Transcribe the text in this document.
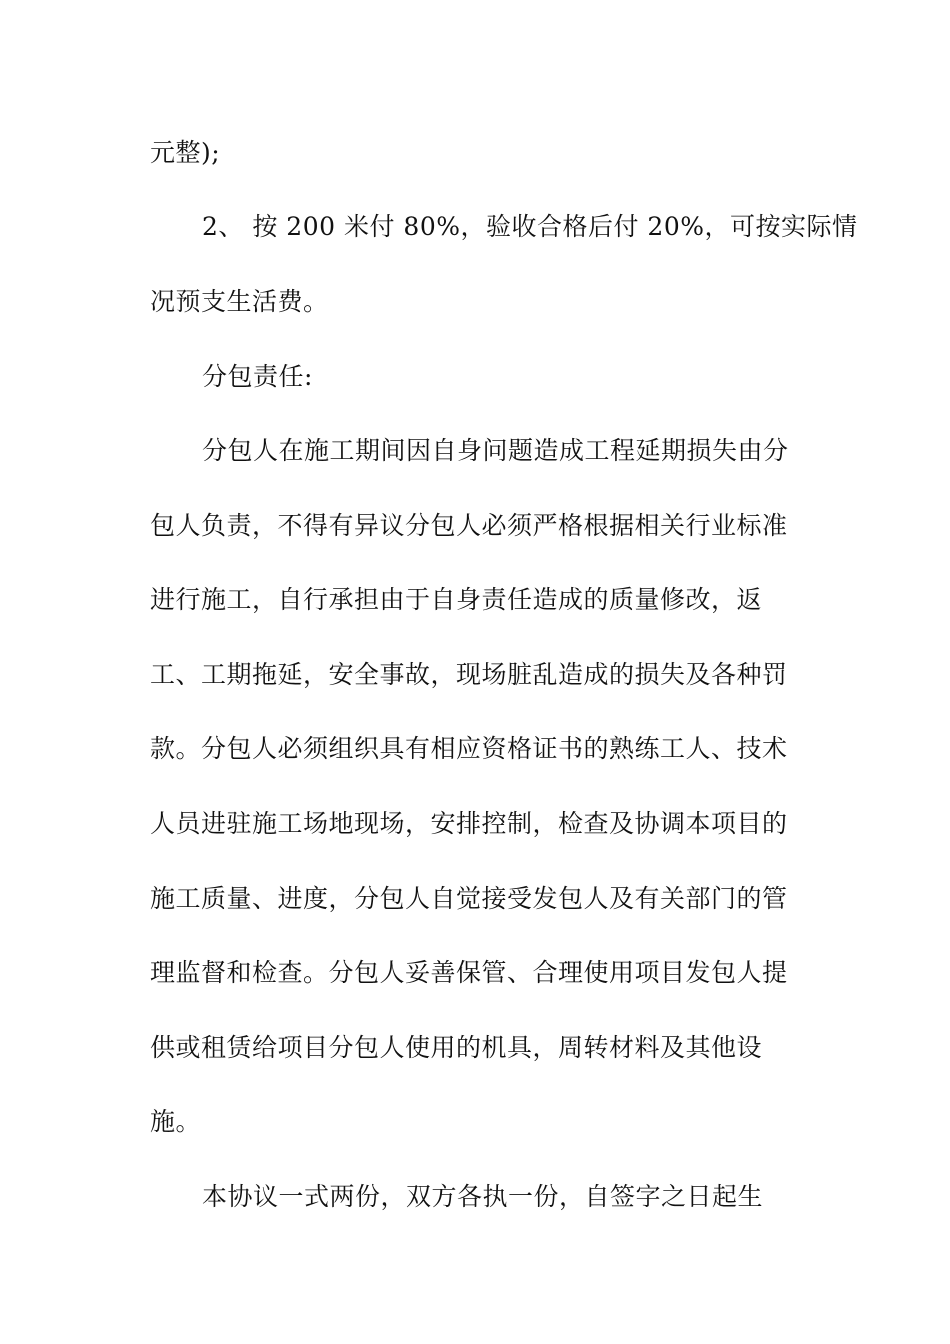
元整);
2、 按 200 米付 80%，验收合格后付 20%，可按实际情
况预支生活费。
分包责任:
分包人在施工期间因自身问题造成工程延期损失由分
包人负责，不得有异议分包人必须严格根据相关行业标准
进行施工，自行承担由于自身责任造成的质量修改，返
工、工期拖延，安全事故，现场脏乱造成的损失及各种罚
款。分包人必须组织具有相应资格证书的熟练工人、技术
人员进驻施工场地现场，安排控制，检查及协调本项目的
施工质量、进度，分包人自觉接受发包人及有关部门的管
理监督和检查。分包人妥善保管、合理使用项目发包人提
供或租赁给项目分包人使用的机具，周转材料及其他设
施。
本协议一式两份，双方各执一份，自签字之日起生
